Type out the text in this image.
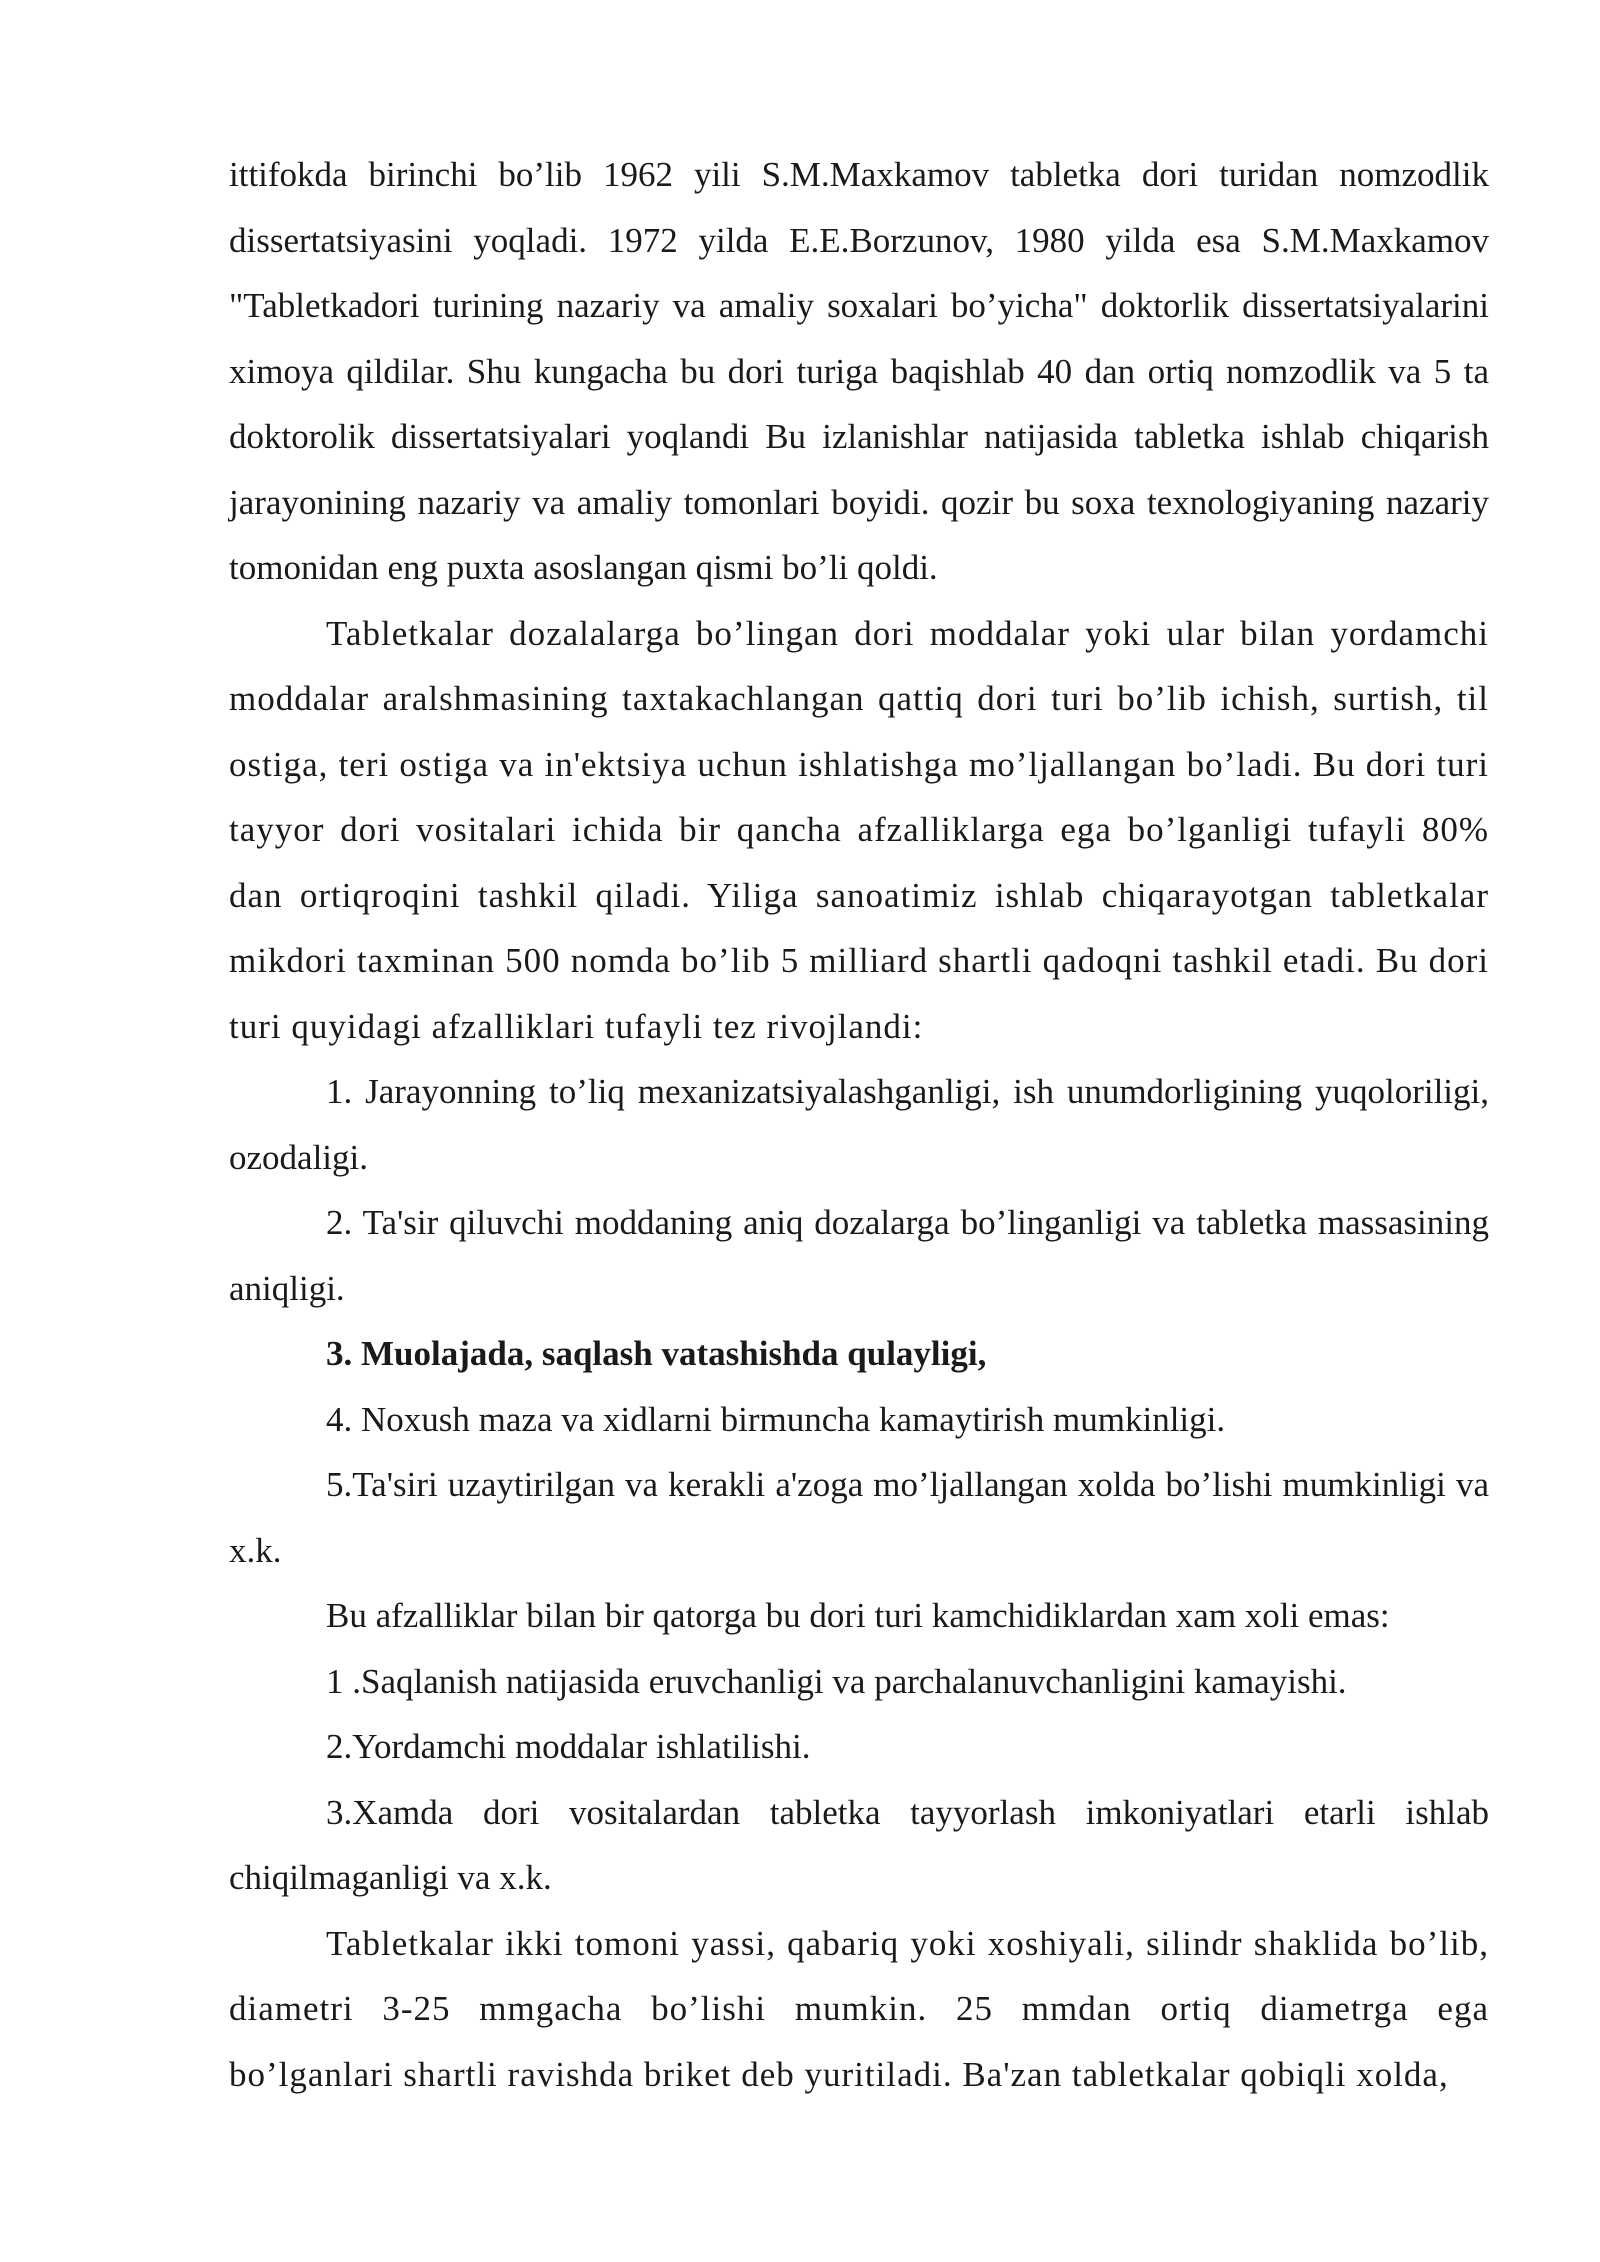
ittifokda birinchi bo’lib 1962 yili S.M.Maxkamov tabletka dori turidan nomzodlik dissertatsiyasini yoqladi. 1972 yilda E.E.Borzunov, 1980 yilda esa S.M.Maxkamov "Tabletkadori turining nazariy va amaliy soxalari bo’yicha" doktorlik dissertatsiyalarini ximoya qildilar. Shu kungacha bu dori turiga baqishlab 40 dan ortiq nomzodlik va 5 ta doktorolik dissertatsiyalari yoqlandi Bu izlanishlar natijasida tabletka ishlab chiqarish jarayonining nazariy va amaliy tomonlari boyidi. qozir bu soxa texnologiyaning nazariy tomonidan eng puxta asoslangan qismi bo’li qoldi.

Tabletkalar dozalalarga bo’lingan dori moddalar yoki ular bilan yordamchi moddalar aralshmasining taxtakachlangan qattiq dori turi bo’lib ichish, surtish, til ostiga, teri ostiga va in'ektsiya uchun ishlatishga mo’ljallangan bo’ladi. Bu dori turi tayyor dori vositalari ichida bir qancha afzalliklarga ega bo’lganligi tufayli 80% dan ortiqroqini tashkil qiladi. Yiliga sanoatimiz ishlab chiqarayotgan tabletkalar mikdori taxminan 500 nomda bo’lib 5 milliard shartli qadoqni tashkil etadi. Bu dori turi quyidagi afzalliklari tufayli tez rivojlandi:

1. Jarayonning to’liq mexanizatsiyalashganligi, ish unumdorligining yuqoloriligi, ozodaligi.

2. Ta'sir qiluvchi moddaning aniq dozalarga bo’linganligi va tabletka massasining aniqligi.

3. Muolajada, saqlash vatashishda qulayligi,

4. Noxush maza va xidlarni birmuncha kamaytirish mumkinligi.

5.Ta'siri uzaytirilgan va kerakli a'zoga mo’ljallangan xolda bo’lishi mumkinligi va x.k.

Bu afzalliklar bilan bir qatorga bu dori turi kamchidiklardan xam xoli emas:

1 .Saqlanish natijasida eruvchanligi va parchalanuvchanligini kamayishi.

2.Yordamchi moddalar ishlatilishi.

3.Xamda dori vositalardan tabletka tayyorlash imkoniyatlari etarli ishlab chiqilmaganligi va x.k.

Tabletkalar ikki tomoni yassi, qabariq yoki xoshiyali, silindr shaklida bo’lib, diametri 3-25 mmgacha bo’lishi mumkin. 25 mmdan ortiq diametrga ega bo’lganlari shartli ravishda briket deb yuritiladi. Ba'zan tabletkalar qobiqli xolda,
